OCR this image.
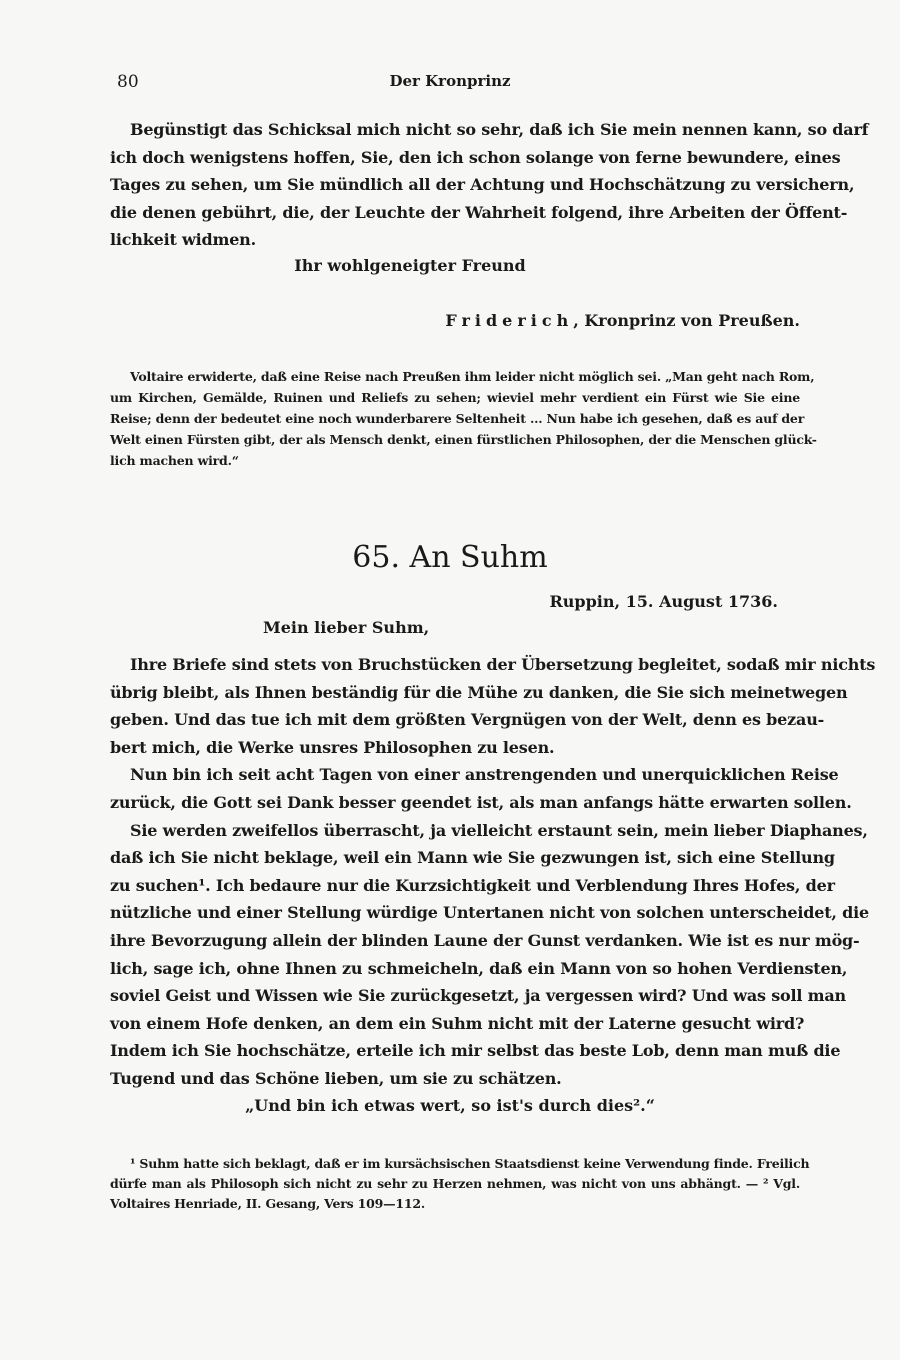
80	Der Kronprinz
Begünstigt das Schicksal mich nicht so sehr, daß ich Sie mein nennen kann, so darf
ich doch wenigstens hoffen, Sie, den ich schon solange von ferne bewundere, eines
Tages zu sehen, um Sie mündlich all der Achtung und Hochschätzung zu versichern,
die denen gebührt, die, der Leuchte der Wahrheit folgend, ihre Arbeiten der Öffent-
lichkeit widmen.
Ihr wohlgeneigter Freund
Friderich, Kronprinz von Preußen.
Voltaire erwiderte, daß eine Reise nach Preußen ihm leider nicht möglich sei. „Man geht nach Rom,
um Kirchen, Gemälde, Ruinen und Reliefs zu sehen; wieviel mehr verdient ein Fürst wie Sie eine
Reise; denn der bedeutet eine noch wunderbarere Seltenheit ... Nun habe ich gesehen, daß es auf der
Welt einen Fürsten gibt, der als Mensch denkt, einen fürstlichen Philosophen, der die Menschen glück-
lich machen wird.“
65. An Suhm
Ruppin, 15. August 1736.
Mein lieber Suhm,
Ihre Briefe sind stets von Bruchstücken der Übersetzung begleitet, sodaß mir nichts
übrig bleibt, als Ihnen beständig für die Mühe zu danken, die Sie sich meinetwegen
geben. Und das tue ich mit dem größten Vergnügen von der Welt, denn es bezau-
bert mich, die Werke unsres Philosophen zu lesen.
Nun bin ich seit acht Tagen von einer anstrengenden und unerquicklichen Reise
zurück, die Gott sei Dank besser geendet ist, als man anfangs hätte erwarten sollen.
Sie werden zweifellos überrascht, ja vielleicht erstaunt sein, mein lieber Diaphanes,
daß ich Sie nicht beklage, weil ein Mann wie Sie gezwungen ist, sich eine Stellung
zu suchen¹. Ich bedaure nur die Kurzsichtigkeit und Verblendung Ihres Hofes, der
nützliche und einer Stellung würdige Untertanen nicht von solchen unterscheidet, die
ihre Bevorzugung allein der blinden Laune der Gunst verdanken. Wie ist es nur mög-
lich, sage ich, ohne Ihnen zu schmeicheln, daß ein Mann von so hohen Verdiensten,
soviel Geist und Wissen wie Sie zurückgesetzt, ja vergessen wird? Und was soll man
von einem Hofe denken, an dem ein Suhm nicht mit der Laterne gesucht wird?
Indem ich Sie hochschätze, erteile ich mir selbst das beste Lob, denn man muß die
Tugend und das Schöne lieben, um sie zu schätzen.
„Und bin ich etwas wert, so ist's durch dies².“
¹ Suhm hatte sich beklagt, daß er im kursächsischen Staatsdienst keine Verwendung finde. Freilich
dürfe man als Philosoph sich nicht zu sehr zu Herzen nehmen, was nicht von uns abhängt. — ² Vgl.
Voltaires Henriade, II. Gesang, Vers 109—112.
